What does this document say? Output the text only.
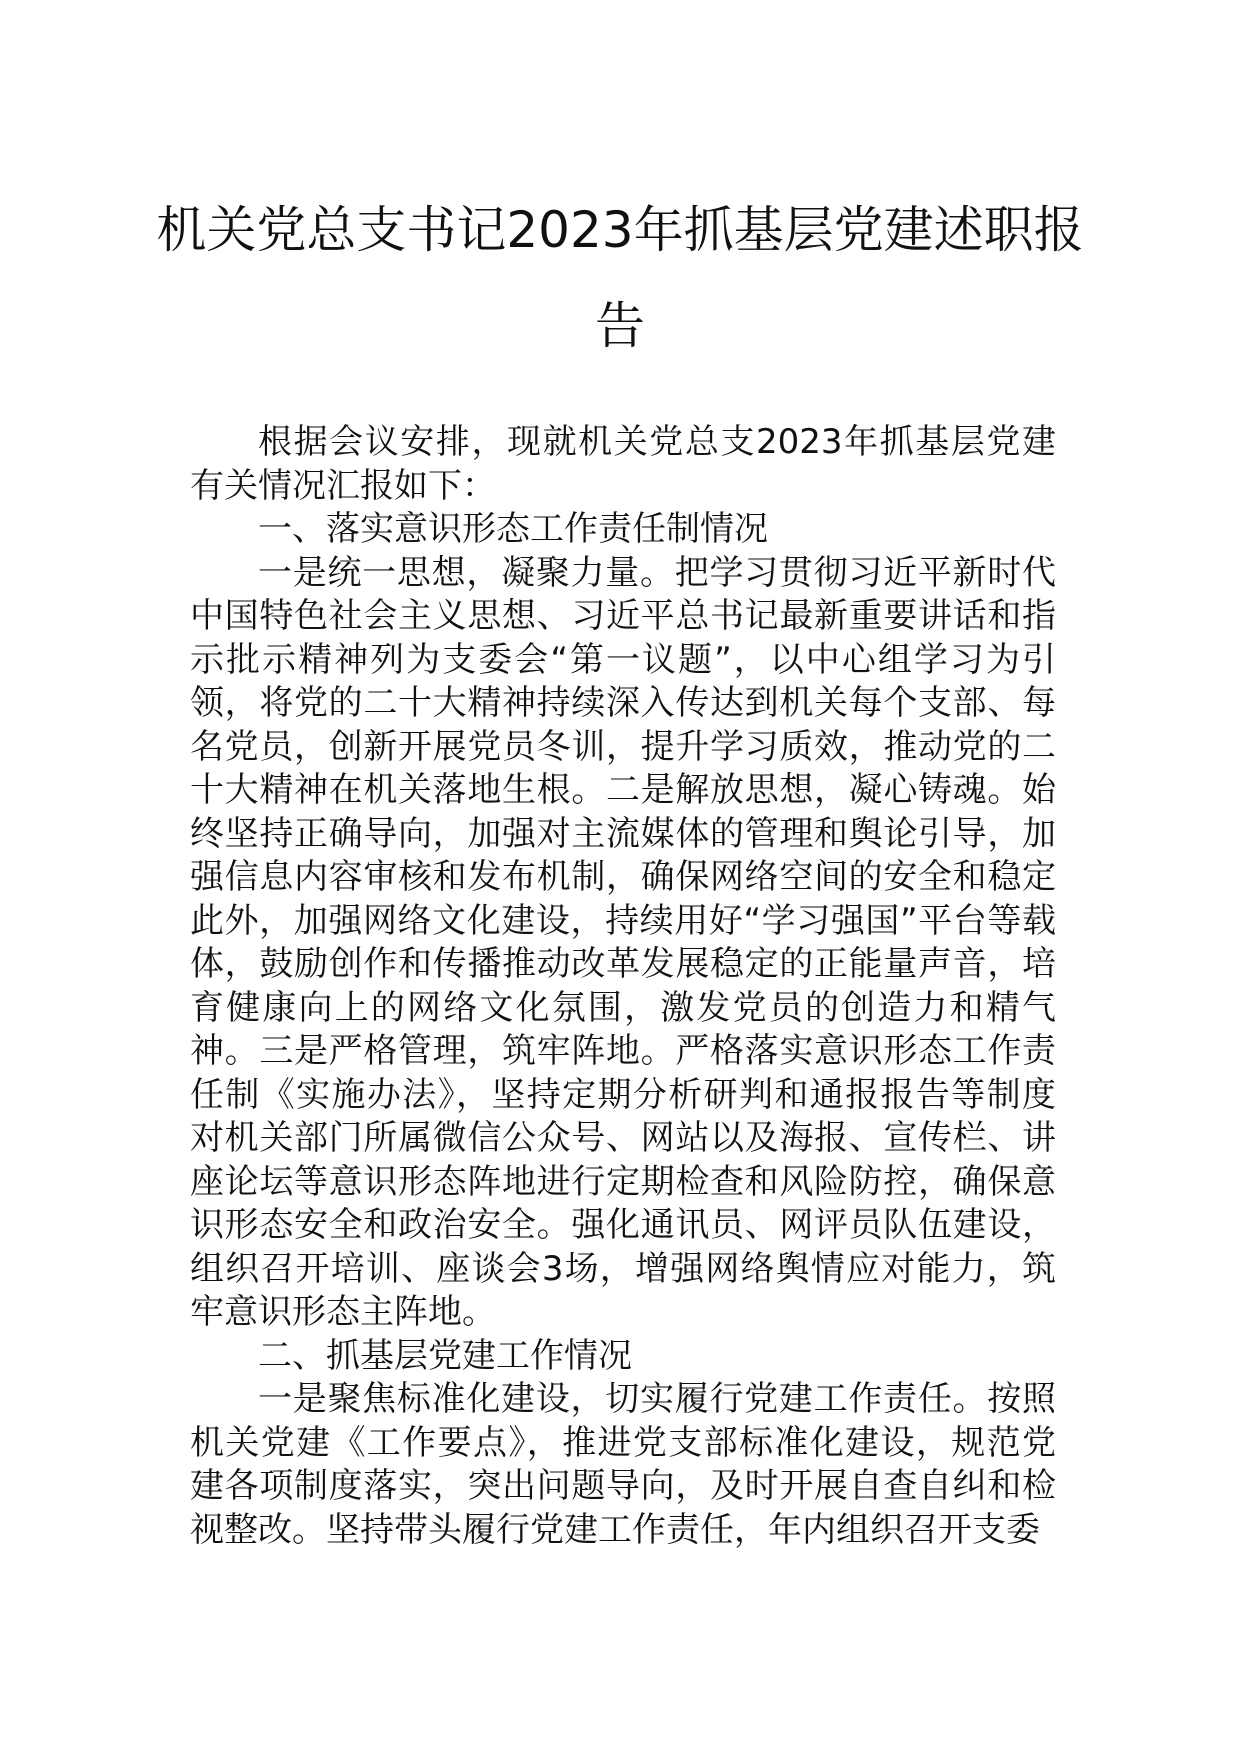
机关党总支书记2023年抓基层党建述职报告

根据会议安排，现就机关党总支2023年抓基层党建有关情况汇报如下：

一、落实意识形态工作责任制情况

一是统一思想，凝聚力量。把学习贯彻习近平新时代中国特色社会主义思想、习近平总书记最新重要讲话和指示批示精神列为支委会“第一议题”，以中心组学习为引领，将党的二十大精神持续深入传达到机关每个支部、每名党员，创新开展党员冬训，提升学习质效，推动党的二十大精神在机关落地生根。二是解放思想，凝心铸魂。始终坚持正确导向，加强对主流媒体的管理和舆论引导，加强信息内容审核和发布机制，确保网络空间的安全和稳定此外，加强网络文化建设，持续用好“学习强国”平台等载体，鼓励创作和传播推动改革发展稳定的正能量声音，培育健康向上的网络文化氛围，激发党员的创造力和精气神。三是严格管理，筑牢阵地。严格落实意识形态工作责任制《实施办法》，坚持定期分析研判和通报报告等制度对机关部门所属微信公众号、网站以及海报、宣传栏、讲座论坛等意识形态阵地进行定期检查和风险防控，确保意识形态安全和政治安全。强化通讯员、网评员队伍建设，组织召开培训、座谈会3场，增强网络舆情应对能力，筑牢意识形态主阵地。

二、抓基层党建工作情况

一是聚焦标准化建设，切实履行党建工作责任。按照机关党建《工作要点》，推进党支部标准化建设，规范党建各项制度落实，突出问题导向，及时开展自查自纠和检视整改。坚持带头履行党建工作责任，年内组织召开支委
